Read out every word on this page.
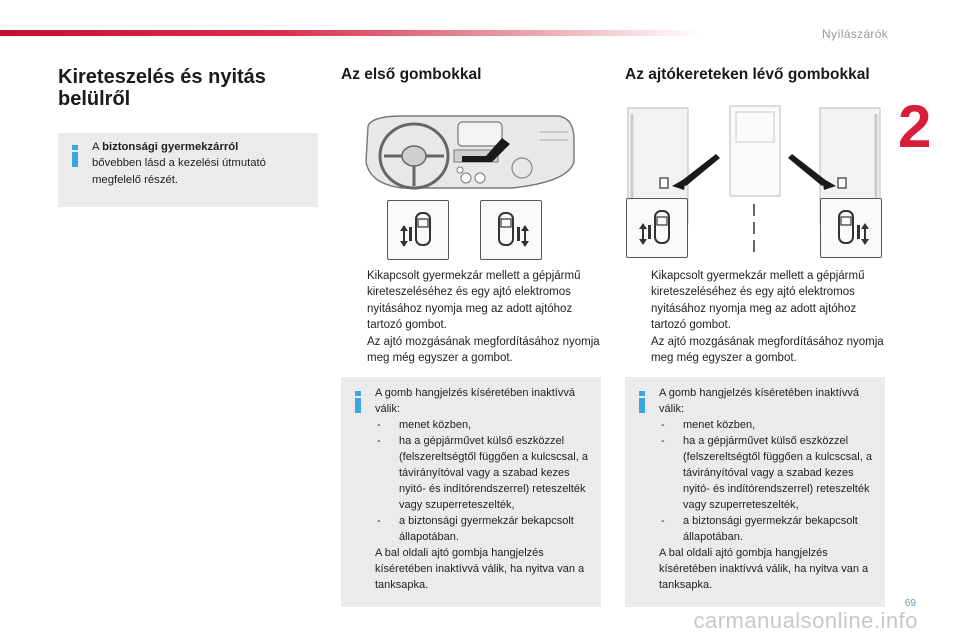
Nyílászárók
2
Kireteszelés és nyitás belülről
A biztonsági gyermekzárról
bővebben lásd a kezelési útmutató megfelelő részét.
Az első gombokkal
Kikapcsolt gyermekzár mellett a gépjármű kireteszeléséhez és egy ajtó elektromos nyitásához nyomja meg az adott ajtóhoz tartozó gombot.
Az ajtó mozgásának megfordításához nyomja meg még egyszer a gombot.
A gomb hangjelzés kíséretében inaktívvá válik:
- menet közben,
- ha a gépjárművet külső eszközzel (felszereltségtől függően a kulcscsal, a távirányítóval vagy a szabad kezes nyitó- és indítórendszerrel) reteszelték vagy szuperreteszelték,
- a biztonsági gyermekzár bekapcsolt állapotában.
A bal oldali ajtó gombja hangjelzés kíséretében inaktívvá válik, ha nyitva van a tanksapka.
Az ajtókereteken lévő gombokkal
Kikapcsolt gyermekzár mellett a gépjármű kireteszeléséhez és egy ajtó elektromos nyitásához nyomja meg az adott ajtóhoz tartozó gombot.
Az ajtó mozgásának megfordításához nyomja meg még egyszer a gombot.
A gomb hangjelzés kíséretében inaktívvá válik:
- menet közben,
- ha a gépjárművet külső eszközzel (felszereltségtől függően a kulcscsal, a távirányítóval vagy a szabad kezes nyitó- és indítórendszerrel) reteszelték vagy szuperreteszelték,
- a biztonsági gyermekzár bekapcsolt állapotában.
A bal oldali ajtó gombja hangjelzés kíséretében inaktívvá válik, ha nyitva van a tanksapka.
69
carmanualsonline.info
